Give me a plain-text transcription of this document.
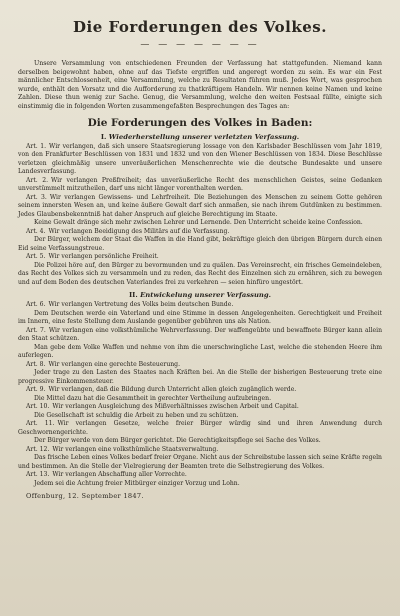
Die Forderungen des Volkes.
— — — — — — —

Unsere Versammlung von entschiedenen Freunden der Verfassung hat stattgefunden. Niemand kann derselben beigewohnt haben, ohne auf das Tiefste ergriffen und angeregt worden zu sein. Es war ein Fest männlicher Entschlossenheit, eine Versammlung, welche zu Resultaten führen muß. Jedes Wort, was gesprochen wurde, enthält den Vorsatz und die Aufforderung zu thatkräftigem Handeln. Wir nennen keine Namen und keine Zahlen. Diese thun wenig zur Sache. Genug, die Versammlung, welche den weiten Festsaal füllte, einigte sich einstimmig die in folgenden Worten zusammengefaßten Besprechungen des Tages an:

Die Forderungen des Volkes in Baden:
I. Wiederherstellung unserer verletzten Verfassung.

Art. 1. Wir verlangen, daß sich unsere Staatsregierung lossage von den Karlsbader Beschlüssen vom Jahr 1819, von den Frankfurter Beschlüssen von 1831 und 1832 und von den Wiener Beschlüssen von 1834. Diese Beschlüsse verletzen gleichmäßig unsere unveräußerlichen Menschenrechte wie die deutsche Bundesakte und unsere Landesverfassung.

Art. 2. Wir verlangen Preßfreiheit; das unveräußerliche Recht des menschlichen Geistes, seine Gedanken unverstümmelt mitzutheilen, darf uns nicht länger vorenthalten werden.

Art. 3. Wir verlangen Gewissens- und Lehrfreiheit. Die Beziehungen des Menschen zu seinem Gotte gehören seinem innersten Wesen an, und keine äußere Gewalt darf sich anmaßen, sie nach ihrem Gutdünken zu bestimmen. Jedes Glaubensbekenntniß hat daher Anspruch auf gleiche Berechtigung im Staate.

Keine Gewalt dränge sich mehr zwischen Lehrer und Lernende. Den Unterricht scheide keine Confession.

Art. 4. Wir verlangen Beeidigung des Militärs auf die Verfassung.

Der Bürger, welchem der Staat die Waffen in die Hand gibt, bekräftige gleich den übrigen Bürgern durch einen Eid seine Verfassungstreue.

Art. 5. Wir verlangen persönliche Freiheit.

Die Polizei höre auf, den Bürger zu bevormunden und zu quälen. Das Vereinsrecht, ein frisches Gemeindeleben, das Recht des Volkes sich zu versammeln und zu reden, das Recht des Einzelnen sich zu ernähren, sich zu bewegen und auf dem Boden des deutschen Vaterlandes frei zu verkehren — seien hinfüro ungestört.

II. Entwickelung unserer Verfassung.

Art. 6. Wir verlangen Vertretung des Volks beim deutschen Bunde.

Dem Deutschen werde ein Vaterland und eine Stimme in dessen Angelegenheiten. Gerechtigkeit und Freiheit im Innern, eine feste Stellung dem Auslande gegenüber gebühren uns als Nation.

Art. 7. Wir verlangen eine volksthümliche Wehrverfassung. Der waffengeübte und bewaffnete Bürger kann allein den Staat schützen.

Man gebe dem Volke Waffen und nehme von ihm die unerschwingliche Last, welche die stehenden Heere ihm auferlegen.

Art. 8. Wir verlangen eine gerechte Besteuerung.

Jeder trage zu den Lasten des Staates nach Kräften bei. An die Stelle der bisherigen Besteuerung trete eine progressive Einkommensteuer.

Art. 9. Wir verlangen, daß die Bildung durch Unterricht allen gleich zugänglich werde.

Die Mittel dazu hat die Gesammtheit in gerechter Vertheilung aufzubringen.

Art. 10. Wir verlangen Ausgleichung des Mißverhältnisses zwischen Arbeit und Capital.

Die Gesellschaft ist schuldig die Arbeit zu heben und zu schützen.

Art. 11. Wir verlangen Gesetze, welche freier Bürger würdig sind und ihren Anwendung durch Geschwornengerichte.

Der Bürger werde von dem Bürger gerichtet. Die Gerechtigkeitspflege sei Sache des Volkes.

Art. 12. Wir verlangen eine volksthümliche Staatsverwaltung.

Das frische Leben eines Volkes bedarf freier Organe. Nicht aus der Schreibstube lassen sich seine Kräfte regeln und bestimmen. An die Stelle der Vielregierung der Beamten trete die Selbstregierung des Volkes.

Art. 13. Wir verlangen Abschaffung aller Vorrechte.

Jedem sei die Achtung freier Mitbürger einziger Vorzug und Lohn.

Offenburg, 12. September 1847.
